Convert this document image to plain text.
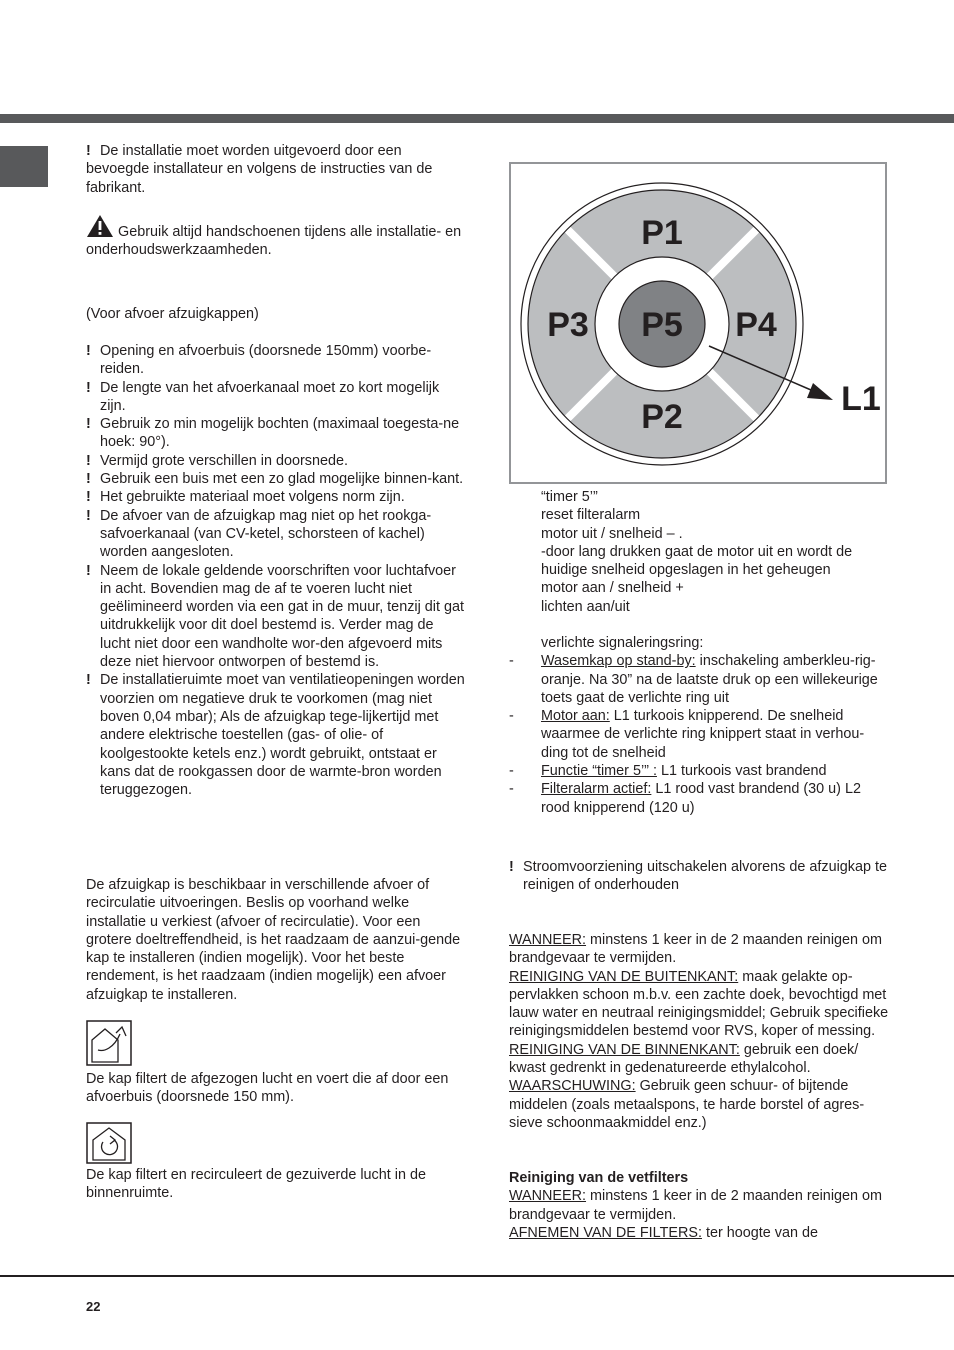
! De installatie moet worden uitgevoerd door een bevoegde installateur en volgens de instructies van de fabrikant.

Gebruik altijd handschoenen tijdens alle installatie- en onderhoudswerkzaamheden.

(Voor afvoer afzuigkappen)

! Opening en afvoerbuis (doorsnede 150mm) voorbe-reiden.
! De lengte van het afvoerkanaal moet zo kort mogelijk zijn.
! Gebruik zo min mogelijk bochten (maximaal toegesta-ne hoek: 90°).
! Vermijd grote verschillen in doorsnede.
! Gebruik een buis met een zo glad mogelijke binnen-kant.
! Het gebruikte materiaal moet volgens norm zijn.
! De afvoer van de afzuigkap mag niet op het rookga-safvoerkanaal (van CV-ketel, schorsteen of kachel) worden aangesloten.
! Neem de lokale geldende voorschriften voor luchtafvoer in acht. Bovendien mag de af te voeren lucht niet geëlimineerd worden via een gat in de muur, tenzij dit gat uitdrukkelijk voor dit doel bestemd is. Verder mag de lucht niet door een wandholte wor-den afgevoerd mits deze niet hiervoor ontworpen of bestemd is.
! De installatieruimte moet van ventilatieopeningen worden voorzien om negatieve druk te voorkomen (mag niet boven 0,04 mbar); Als de afzuigkap tege-lijkertijd met andere elektrische toestellen (gas- of olie- of koolgestookte ketels enz.) wordt gebruikt, ontstaat er kans dat de rookgassen door de warmte-bron worden teruggezogen.

De afzuigkap is beschikbaar in verschillende afvoer of recirculatie uitvoeringen. Beslis op voorhand welke installatie u verkiest (afvoer of recirculatie). Voor een grotere doeltreffendheid, is het raadzaam de aanzui-gende kap te installeren (indien mogelijk). Voor het beste rendement, is het raadzaam (indien mogelijk) een afvoer afzuigkap te installeren.

De kap filtert de afgezogen lucht en voert die af door een afvoerbuis (doorsnede 150 mm).

De kap filtert en recirculeert de gezuiverde lucht in de binnenruimte.

P1
P2
P3	P4
P5
L1

“timer 5’”

reset filteralarm

motor uit / snelheid – .

-door lang drukken gaat de motor uit en wordt de huidige snelheid opgeslagen in het geheugen

motor aan / snelheid +

lichten aan/uit

verlichte signaleringsring:

- Wasemkap op stand-by: inschakeling amberkleu-rig-oranje. Na 30” na de laatste druk op een willekeurige toets gaat de verlichte ring uit
- Motor aan: L1 turkoois knipperend. De snelheid waarmee de verlichte ring knippert staat in verhou-ding tot de snelheid
- Functie “timer 5’” : L1 turkoois vast brandend
- Filteralarm actief: L1 rood vast brandend (30 u) L2 rood knipperend (120 u)
! Stroomvoorziening uitschakelen alvorens de afzuigkap te reinigen of onderhouden

WANNEER: minstens 1 keer in de 2 maanden reinigen om brandgevaar te vermijden.

REINIGING VAN DE BUITENKANT: maak gelakte op-pervlakken schoon m.b.v. een zachte doek, bevochtigd met lauw water en neutraal reinigingsmiddel; Gebruik specifieke reinigingsmiddelen bestemd voor RVS, koper of messing.

REINIGING VAN DE BINNENKANT: gebruik een doek/ kwast gedrenkt in gedenatureerde ethylalcohol.

WAARSCHUWING: Gebruik geen schuur- of bijtende middelen (zoals metaalspons, te harde borstel of agres-sieve schoonmaakmiddel enz.)

Reiniging van de vetfilters

WANNEER: minstens 1 keer in de 2 maanden reinigen om brandgevaar te vermijden.

AFNEMEN VAN DE FILTERS: ter hoogte van de

22
